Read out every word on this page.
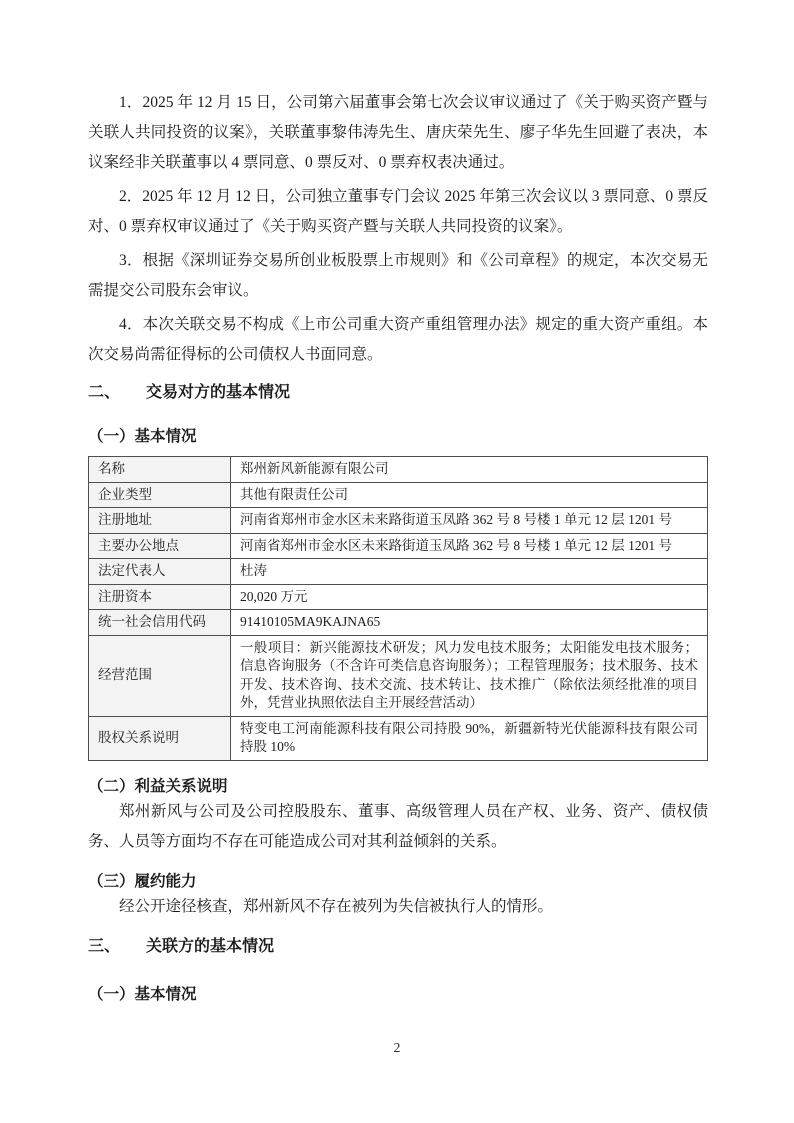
1．2025 年 12 月 15 日，公司第六届董事会第七次会议审议通过了《关于购买资产暨与关联人共同投资的议案》，关联董事黎伟涛先生、唐庆荣先生、廖子华先生回避了表决，本议案经非关联董事以 4 票同意、0 票反对、0 票弃权表决通过。

2．2025 年 12 月 12 日，公司独立董事专门会议 2025 年第三次会议以 3 票同意、0 票反对、0 票弃权审议通过了《关于购买资产暨与关联人共同投资的议案》。

3．根据《深圳证券交易所创业板股票上市规则》和《公司章程》的规定，本次交易无需提交公司股东会审议。

4．本次关联交易不构成《上市公司重大资产重组管理办法》规定的重大资产重组。本次交易尚需征得标的公司债权人书面同意。

二、 交易对方的基本情况
（一）基本情况
名称	郑州新风新能源有限公司
企业类型	其他有限责任公司
注册地址	河南省郑州市金水区未来路街道玉凤路 362 号 8 号楼 1 单元 12 层 1201 号
主要办公地点	河南省郑州市金水区未来路街道玉凤路 362 号 8 号楼 1 单元 12 层 1201 号
法定代表人	杜涛
注册资本	20,020 万元
统一社会信用代码	91410105MA9KAJNA65
经营范围	一般项目：新兴能源技术研发；风力发电技术服务；太阳能发电技术服务；信息咨询服务（不含许可类信息咨询服务）；工程管理服务；技术服务、技术开发、技术咨询、技术交流、技术转让、技术推广（除依法须经批准的项目外，凭营业执照依法自主开展经营活动）
股权关系说明	特变电工河南能源科技有限公司持股 90%，新疆新特光伏能源科技有限公司持股 10%
（二）利益关系说明

郑州新风与公司及公司控股股东、董事、高级管理人员在产权、业务、资产、债权债务、人员等方面均不存在可能造成公司对其利益倾斜的关系。

（三）履约能力

经公开途径核查，郑州新风不存在被列为失信被执行人的情形。

三、 关联方的基本情况
（一）基本情况
2
